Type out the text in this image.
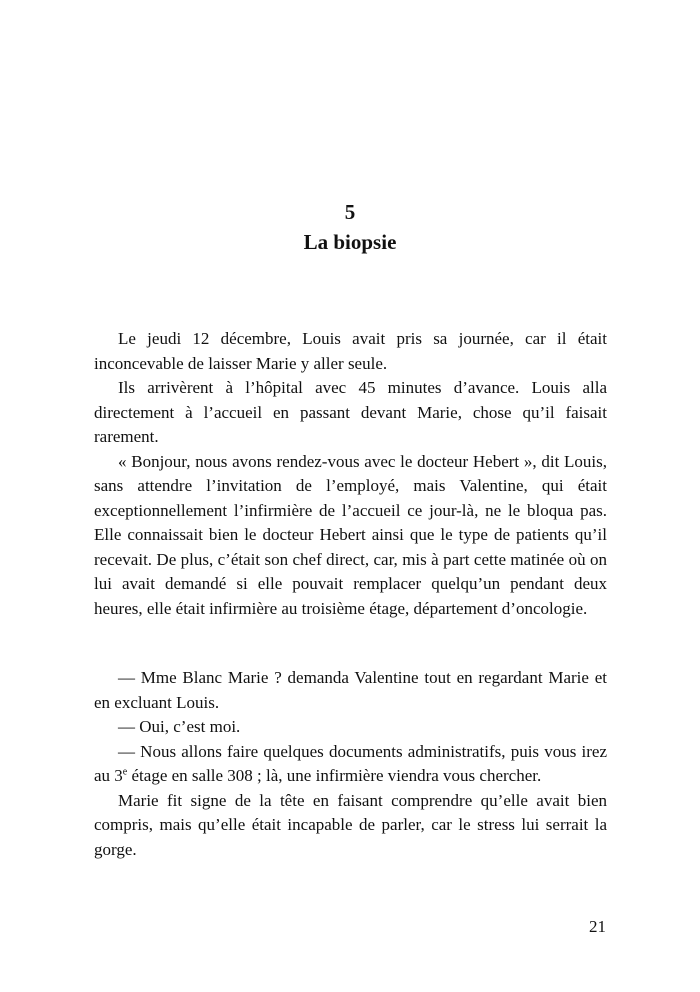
5
La biopsie

Le jeudi 12 décembre, Louis avait pris sa journée, car il était inconcevable de laisser Marie y aller seule.

Ils arrivèrent à l’hôpital avec 45 minutes d’avance. Louis alla directement à l’accueil en passant devant Marie, chose qu’il faisait rarement.

« Bonjour, nous avons rendez-vous avec le docteur Hebert », dit Louis, sans attendre l’invitation de l’employé, mais Valentine, qui était exceptionnellement l’infirmière de l’accueil ce jour-là, ne le bloqua pas. Elle connaissait bien le docteur Hebert ainsi que le type de patients qu’il recevait. De plus, c’était son chef direct, car, mis à part cette matinée où on lui avait demandé si elle pouvait remplacer quelqu’un pendant deux heures, elle était infirmière au troisième étage, département d’oncologie.

— Mme Blanc Marie ? demanda Valentine tout en regardant Marie et en excluant Louis.

— Oui, c’est moi.

— Nous allons faire quelques documents administratifs, puis vous irez au 3e étage en salle 308 ; là, une infirmière viendra vous chercher.

Marie fit signe de la tête en faisant comprendre qu’elle avait bien compris, mais qu’elle était incapable de parler, car le stress lui serrait la gorge.

21
